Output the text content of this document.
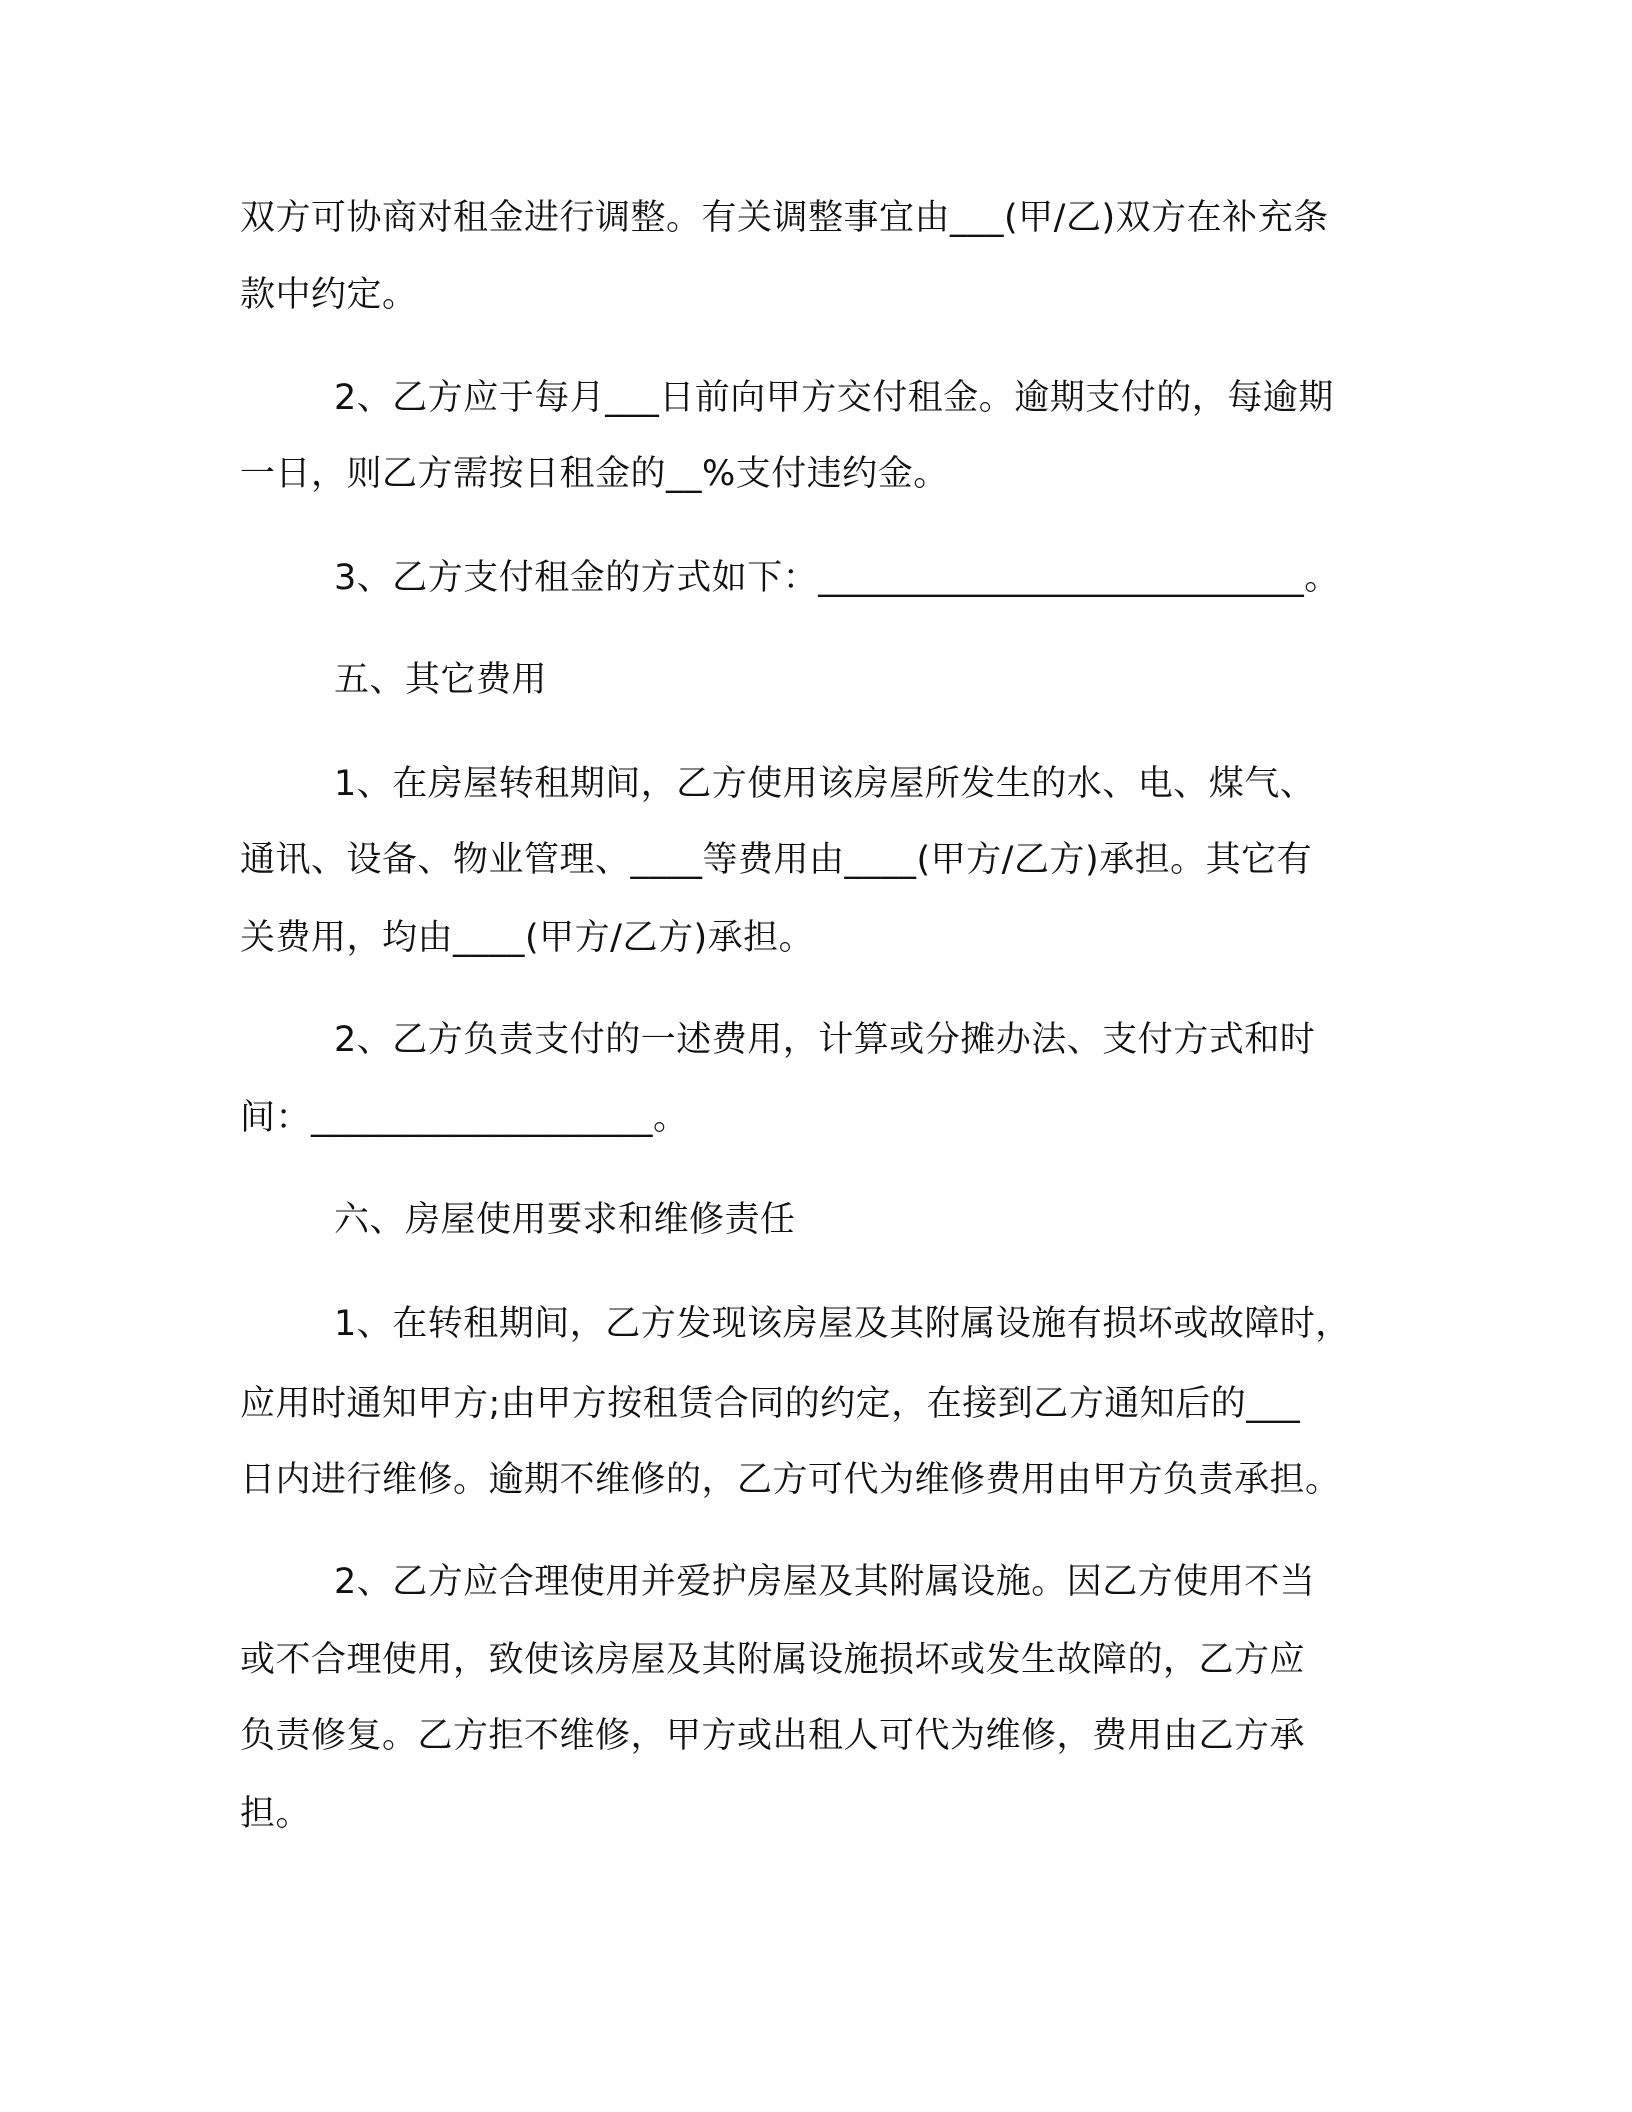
双方可协商对租金进行调整。有关调整事宜由___(甲/乙)双方在补充条
款中约定。
2、乙方应于每月___日前向甲方交付租金。逾期支付的，每逾期
一日，则乙方需按日租金的__%支付违约金。
3、乙方支付租金的方式如下：___________________________。
五、其它费用
1、在房屋转租期间，乙方使用该房屋所发生的水、电、煤气、
通讯、设备、物业管理、____等费用由____(甲方/乙方)承担。其它有
关费用，均由____(甲方/乙方)承担。
2、乙方负责支付的一述费用，计算或分摊办法、支付方式和时
间：___________________。
六、房屋使用要求和维修责任
1、在转租期间，乙方发现该房屋及其附属设施有损坏或故障时，
应用时通知甲方;由甲方按租赁合同的约定，在接到乙方通知后的___
日内进行维修。逾期不维修的，乙方可代为维修费用由甲方负责承担。
2、乙方应合理使用并爱护房屋及其附属设施。因乙方使用不当
或不合理使用，致使该房屋及其附属设施损坏或发生故障的，乙方应
负责修复。乙方拒不维修，甲方或出租人可代为维修，费用由乙方承
担。
